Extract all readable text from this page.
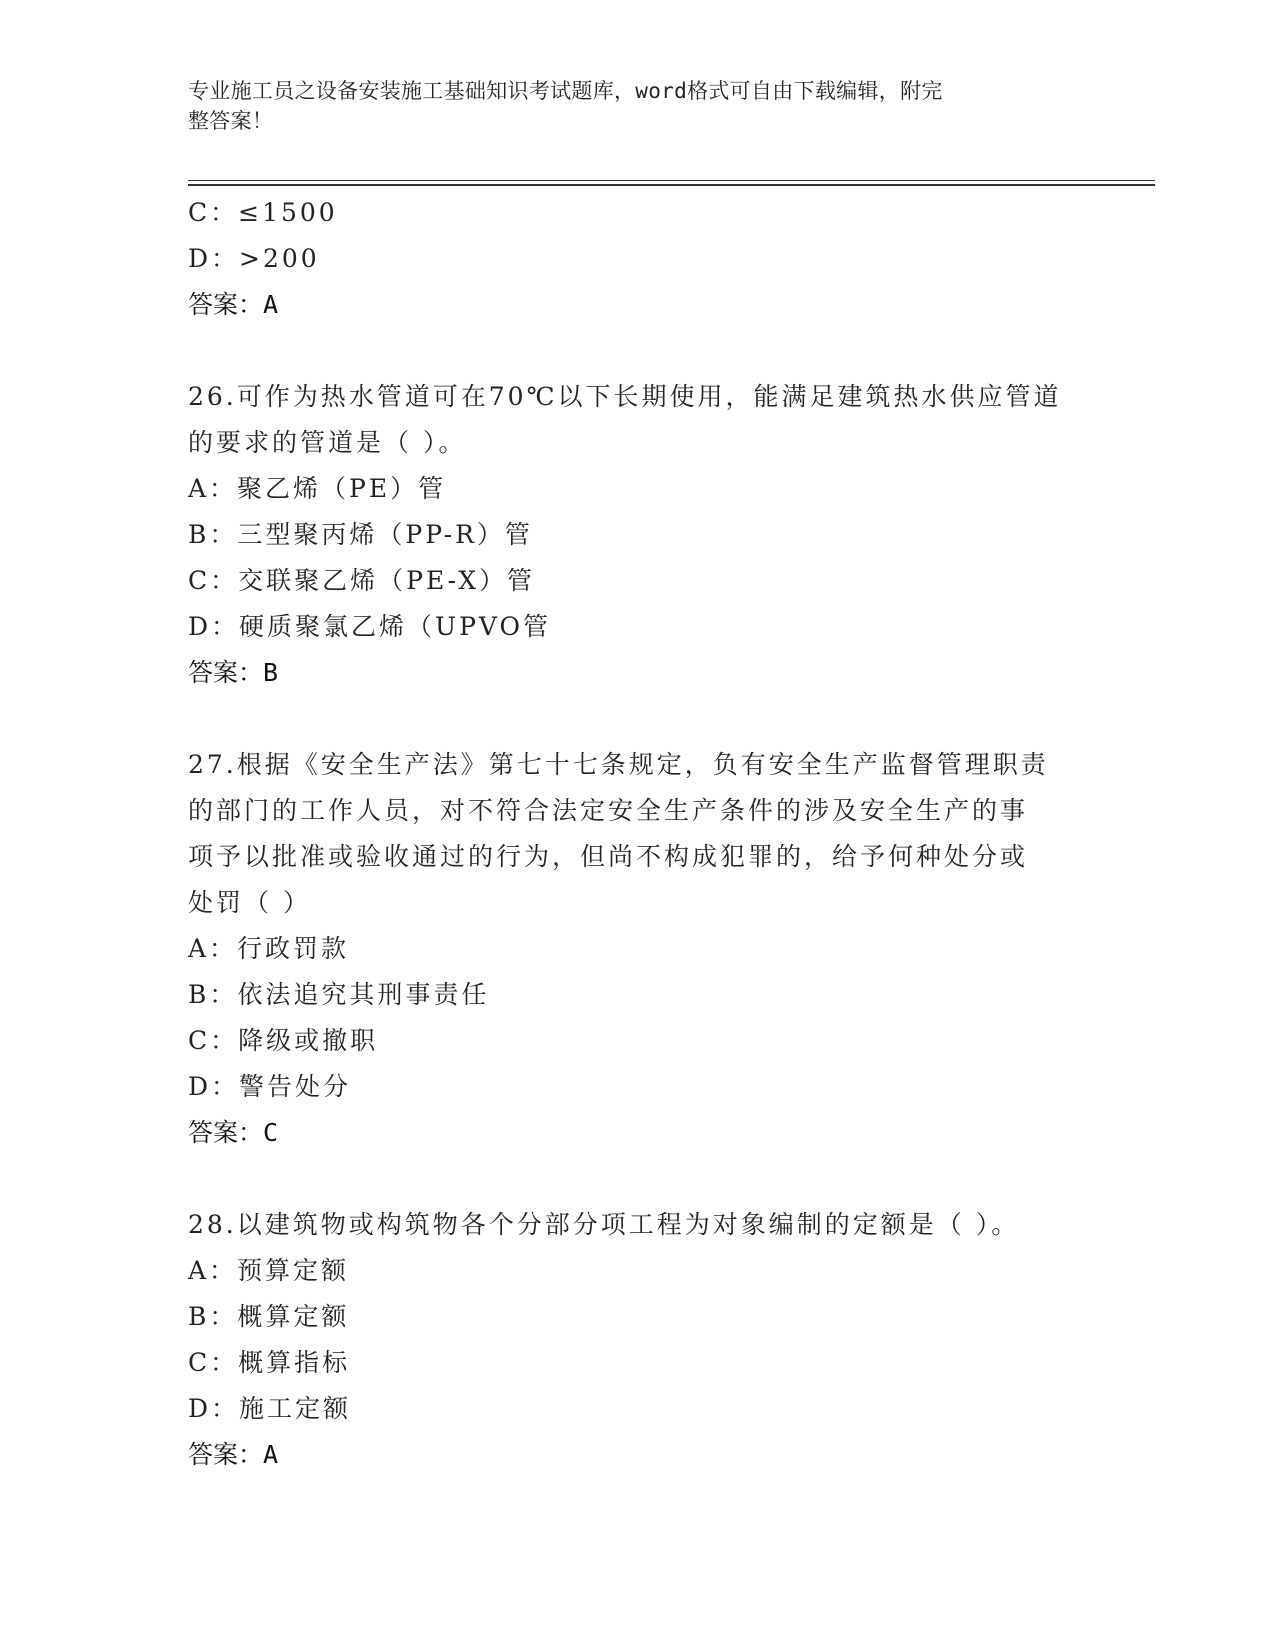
专业施工员之设备安装施工基础知识考试题库，word格式可自由下载编辑，附完
整答案！
C：≤1500
D：>200
答案：A
26.可作为热水管道可在70℃以下长期使用，能满足建筑热水供应管道
的要求的管道是（ ）。
A：聚乙烯（PE）管
B：三型聚丙烯（PP-R）管
C：交联聚乙烯（PE-X）管
D：硬质聚氯乙烯（UPVO管
答案：B
27.根据《安全生产法》第七十七条规定，负有安全生产监督管理职责
的部门的工作人员，对不符合法定安全生产条件的涉及安全生产的事
项予以批准或验收通过的行为，但尚不构成犯罪的，给予何种处分或
处罚（ ）
A：行政罚款
B：依法追究其刑事责任
C：降级或撤职
D：警告处分
答案：C
28.以建筑物或构筑物各个分部分项工程为对象编制的定额是（ ）。
A：预算定额
B：概算定额
C：概算指标
D：施工定额
答案：A
